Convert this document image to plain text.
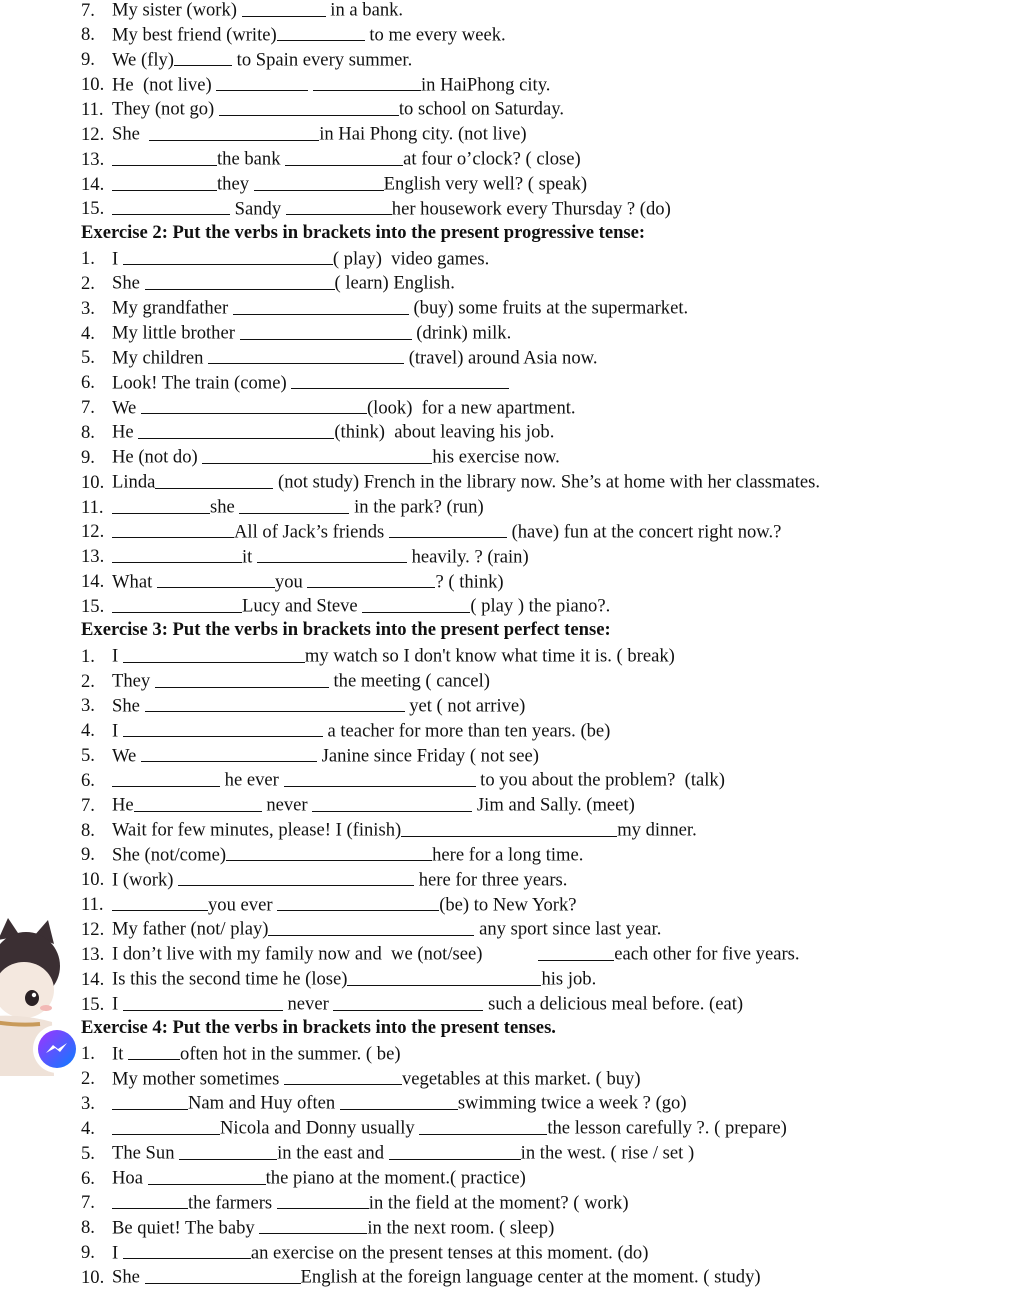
7. My sister (work)	in a bank.
8. My best friend (write)	to me every week.
9. We (fly)	to Spain every summer.
10. He  (not live)	in HaiPhong city.
11. They (not go)	to school on Saturday.
12. She	in Hai Phong city. (not live)
13.	the bank	at four o’clock? ( close)
14.	they	English very well? ( speak)
15.	Sandy	her housework every Thursday ? (do)
Exercise 2: Put the verbs in brackets into the present progressive tense:
1. I	( play)  video games.
2. She	( learn) English.
3. My grandfather	(buy) some fruits at the supermarket.
4. My little brother	(drink) milk.
5. My children	(travel) around Asia now.
6. Look! The train (come)
7. We	(look)  for a new apartment.
8. He	(think)  about leaving his job.
9. He (not do)	his exercise now.
10. Linda	(not study) French in the library now. She’s at home with her classmates.
11.	she	in the park? (run)
12.	All of Jack’s friends	(have) fun at the concert right now.?
13.	it	heavily. ? (rain)
14. What	you	? ( think)
15.	Lucy and Steve	( play ) the piano?.
Exercise 3: Put the verbs in brackets into the present perfect tense:
1. I	my watch so I don't know what time it is. ( break)
2. They	the meeting ( cancel)
3. She	yet ( not arrive)
4. I	a teacher for more than ten years. (be)
5. We	Janine since Friday ( not see)
6.	he ever	to you about the problem?  (talk)
7. He	never	Jim and Sally. (meet)
8. Wait for few minutes, please! I (finish)	my dinner.
9. She (not/come)	here for a long time.
10. I (work)	here for three years.
11.	you ever	(be) to New York?
12. My father (not/ play)	any sport since last year.
13. I don’t live with my family now and  we (not/see)	each other for five years.
14. Is this the second time he (lose)	his job.
15. I	never	such a delicious meal before. (eat)
Exercise 4: Put the verbs in brackets into the present tenses.
1. It	often hot in the summer. ( be)
2. My mother sometimes	vegetables at this market. ( buy)
3.	Nam and Huy often	swimming twice a week ? (go)
4.	Nicola and Donny usually	the lesson carefully ?. ( prepare)
5. The Sun	in the east and	in the west. ( rise / set )
6. Hoa	the piano at the moment.( practice)
7.	the farmers	in the field at the moment? ( work)
8. Be quiet! The baby	in the next room. ( sleep)
9. I	an exercise on the present tenses at this moment. (do)
10. She	English at the foreign language center at the moment. ( study)
